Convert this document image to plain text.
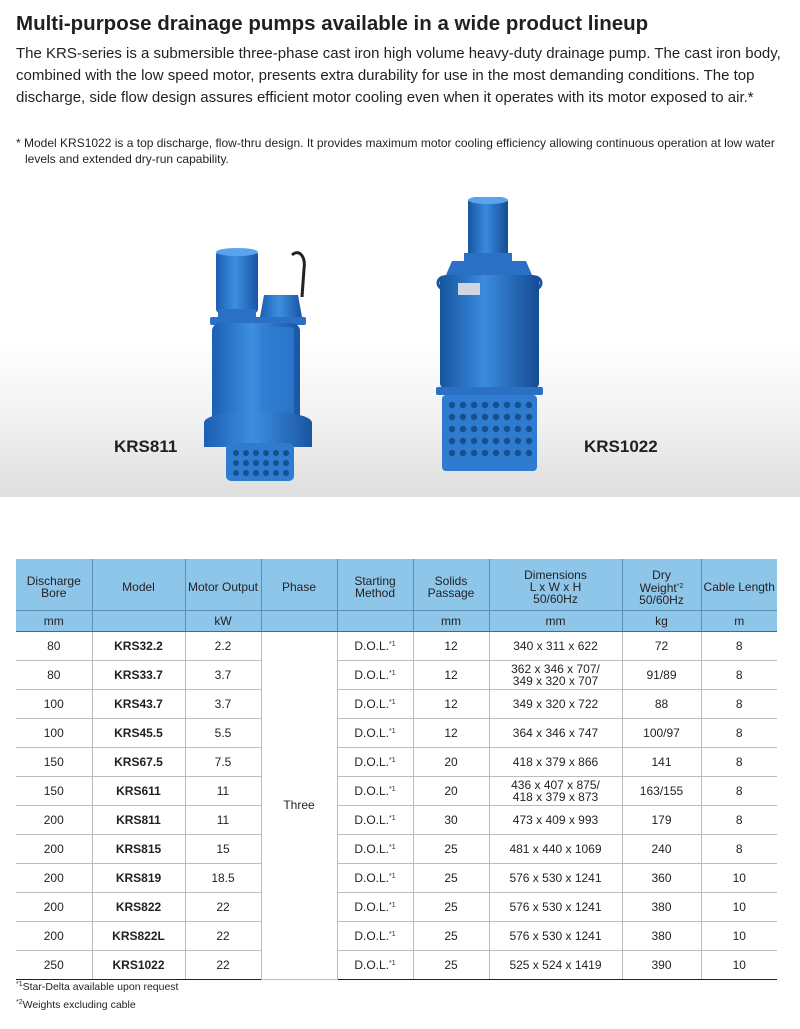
Multi-purpose drainage pumps available in a wide product lineup

The KRS-series is a submersible three-phase cast iron high volume heavy-duty drainage pump. The cast iron body, combined with the low speed motor, presents extra durability for use in the most demanding conditions. The top discharge, side flow design assures efficient motor cooling even when it operates with its motor exposed to air.*

* Model KRS1022 is a top discharge, flow-thru design. It provides maximum motor cooling efficiency allowing continuous operation at low water levels and extended dry-run capability.

KRS811	KRS1022
Discharge Bore	Model	Motor Output	Phase	Starting Method	Solids Passage	Dimensions
L x W x H
50/60Hz	Dry
Weight$^{*2}$
50/60Hz	Cable Length
mm		kW			mm	mm	kg	m
80	KRS32.2	2.2	Three	D.O.L.$^{*1}$	12	340 x 311 x 622	72	8
80	KRS33.7	3.7		D.O.L.$^{*1}$	12	362 x 346 x 707/
349 x 320 x 707	91/89	8
100	KRS43.7	3.7		D.O.L.$^{*1}$	12	349 x 320 x 722	88	8
100	KRS45.5	5.5		D.O.L.$^{*1}$	12	364 x 346 x 747	100/97	8
150	KRS67.5	7.5		D.O.L.$^{*1}$	20	418 x 379 x 866	141	8
150	KRS611	11		D.O.L.$^{*1}$	20	436 x 407 x 875/
418 x 379 x 873	163/155	8
200	KRS811	11		D.O.L.$^{*1}$	30	473 x 409 x 993	179	8
200	KRS815	15		D.O.L.$^{*1}$	25	481 x 440 x 1069	240	8
200	KRS819	18.5		D.O.L.$^{*1}$	25	576 x 530 x 1241	360	10
200	KRS822	22		D.O.L.$^{*1}$	25	576 x 530 x 1241	380	10
200	KRS822L	22		D.O.L.$^{*1}$	25	576 x 530 x 1241	380	10
250	KRS1022	22		D.O.L.$^{*1}$	25	525 x 524 x 1419	390	10
$^{*1}$Star-Delta available upon request
$^{*2}$Weights excluding cable
